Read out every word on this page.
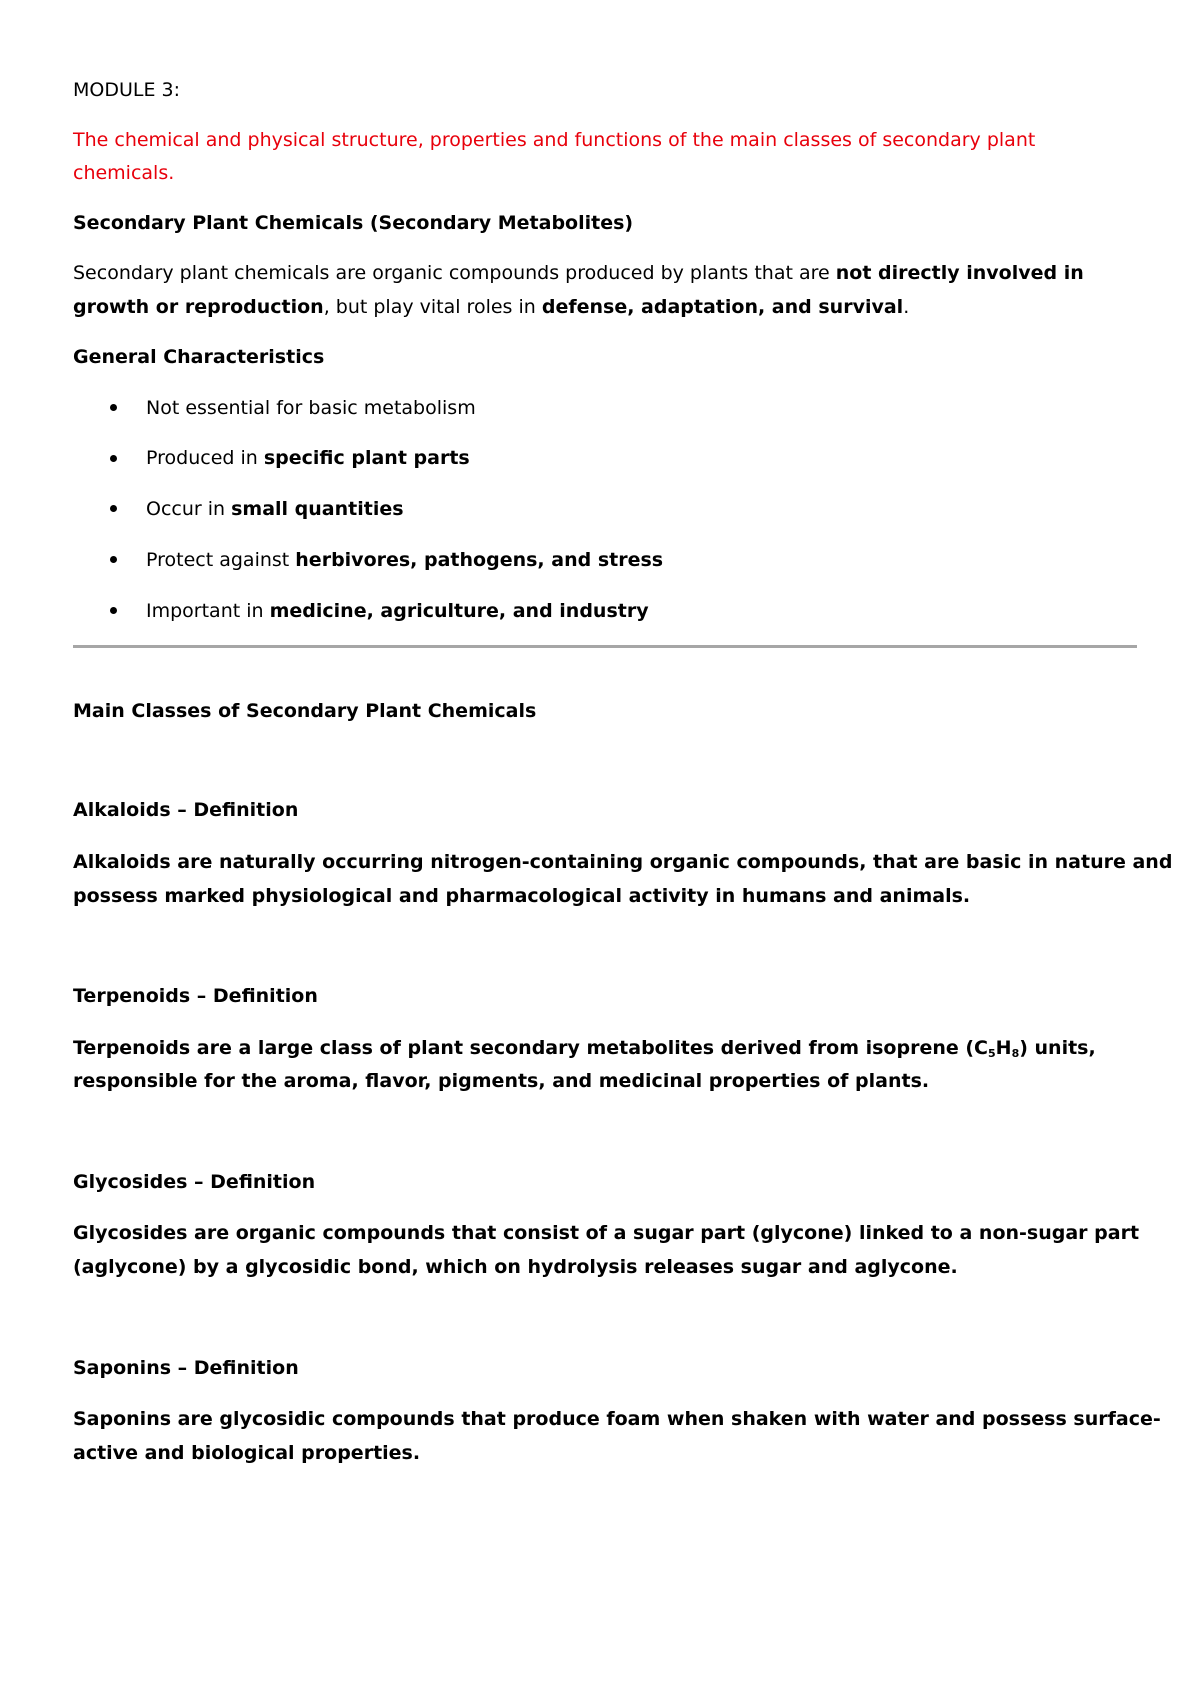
MODULE 3:

The chemical and physical structure, properties and functions of the main classes of secondary plant

chemicals.

Secondary Plant Chemicals (Secondary Metabolites)

Secondary plant chemicals are organic compounds produced by plants that are not directly involved in

growth or reproduction, but play vital roles in defense, adaptation, and survival.

General Characteristics

Not essential for basic metabolism
Produced in specific plant parts
Occur in small quantities
Protect against herbivores, pathogens, and stress
Important in medicine, agriculture, and industry

Main Classes of Secondary Plant Chemicals

Alkaloids – Definition

Alkaloids are naturally occurring nitrogen-containing organic compounds, that are basic in nature and

possess marked physiological and pharmacological activity in humans and animals.

Terpenoids – Definition

Terpenoids are a large class of plant secondary metabolites derived from isoprene $(C_5H_8)$ units,

responsible for the aroma, flavor, pigments, and medicinal properties of plants.

Glycosides – Definition

Glycosides are organic compounds that consist of a sugar part (glycone) linked to a non-sugar part

(aglycone) by a glycosidic bond, which on hydrolysis releases sugar and aglycone.

Saponins – Definition

Saponins are glycosidic compounds that produce foam when shaken with water and possess surface-

active and biological properties.
